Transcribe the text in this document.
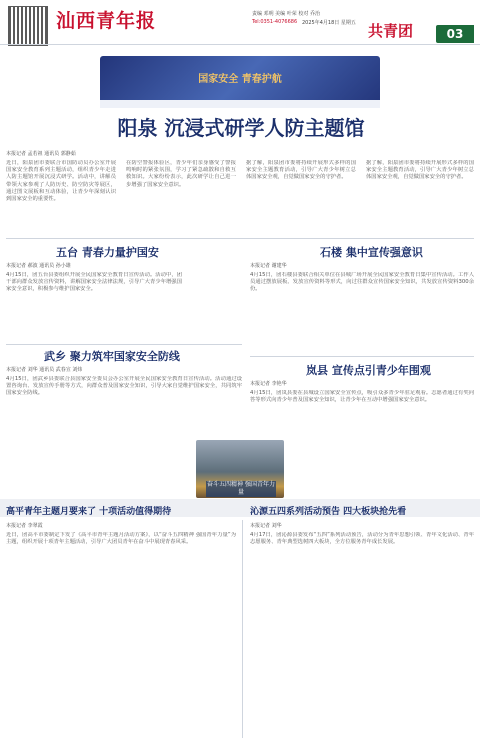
汕西青年报	责编 邓明 美编 叶荣 校对 乔治
Tel:0351-4076686 2025年4月18日 星期五 共青团	03
国家安全 青春护航
阳泉 沉浸式研学人防主题馆
本报记者 孟若祖 通讯员 郭静茹
近日，阳泉团市委联合市国防动员办公室开展国家安全教育系列主题活动，组织青少年走进人防主题馆开展沉浸式研学。活动中，讲解员带领大家参观了人防历史、防空防灾等展区，通过图文展板和互动体验，让青少年深刻认识到国家安全的重要性。
在防空警报体验区，青少年们亲身感受了警报鸣响时的紧张氛围，学习了紧急疏散和自救互救知识。大家纷纷表示，此次研学让自己进一步增强了国家安全意识。
据了解，阳泉团市委将持续开展形式多样的国家安全主题教育活动，引导广大青少年树立总体国家安全观，自觉做国家安全的守护者。
据了解，阳泉团市委将持续开展形式多样的国家安全主题教育活动，引导广大青少年树立总体国家安全观，自觉做国家安全的守护者。
五台 青春力量护国安
本报记者 郝波 通讯员 孙小雄
4月15日，团五台县委组织开展全民国家安全教育日宣传活动。活动中，团干部向群众发放宣传资料，讲解国家安全法律法规，引导广大青少年增强国家安全意识，积极参与维护国家安全。
石楼 集中宣传强意识
本报记者 谢建华
4月15日，团石楼县委联合相关单位在县城广场开展全民国家安全教育日集中宣传活动。工作人员通过摆放展板、发放宣传资料等形式，向过往群众宣传国家安全知识，共发放宣传资料300余份。
武乡 聚力筑牢国家安全防线
本报记者 刘华 通讯员 武春宣 刘炜
4月15日，团武乡县委联合县国家安全委员会办公室开展全民国家安全教育日宣传活动。活动通过设置咨询台、发放宣传手册等方式，向群众普及国家安全知识，引导大家自觉维护国家安全，共同筑牢国家安全防线。
岚县 宣传点引青少年围观
本报记者 李艳华
4月15日，团岚县委在县城设立国家安全宣传点，吸引众多青少年驻足观看。志愿者通过有奖问答等形式向青少年普及国家安全知识，让青少年在互动中增强国家安全意识。
奋斗五四精神 强国青年力量
高平青年主题月要来了 十项活动值得期待
本报记者 李翠霞
近日，团高平市委制定下发了《高平市青年主题月活动方案》，以“奋斗五四精神 强国青年力量”为主题，组织开展十项青年主题活动，引导广大团员青年在奋斗中展现青春风采。
沁源五四系列活动预告 四大板块抢先看
本报记者 刘华
4月17日，团沁源县委发布“五四”系列活动预告，活动分为青年思想引领、青年文化活动、青年志愿服务、青年典型选树四大板块，全方位服务青年成长发展。
